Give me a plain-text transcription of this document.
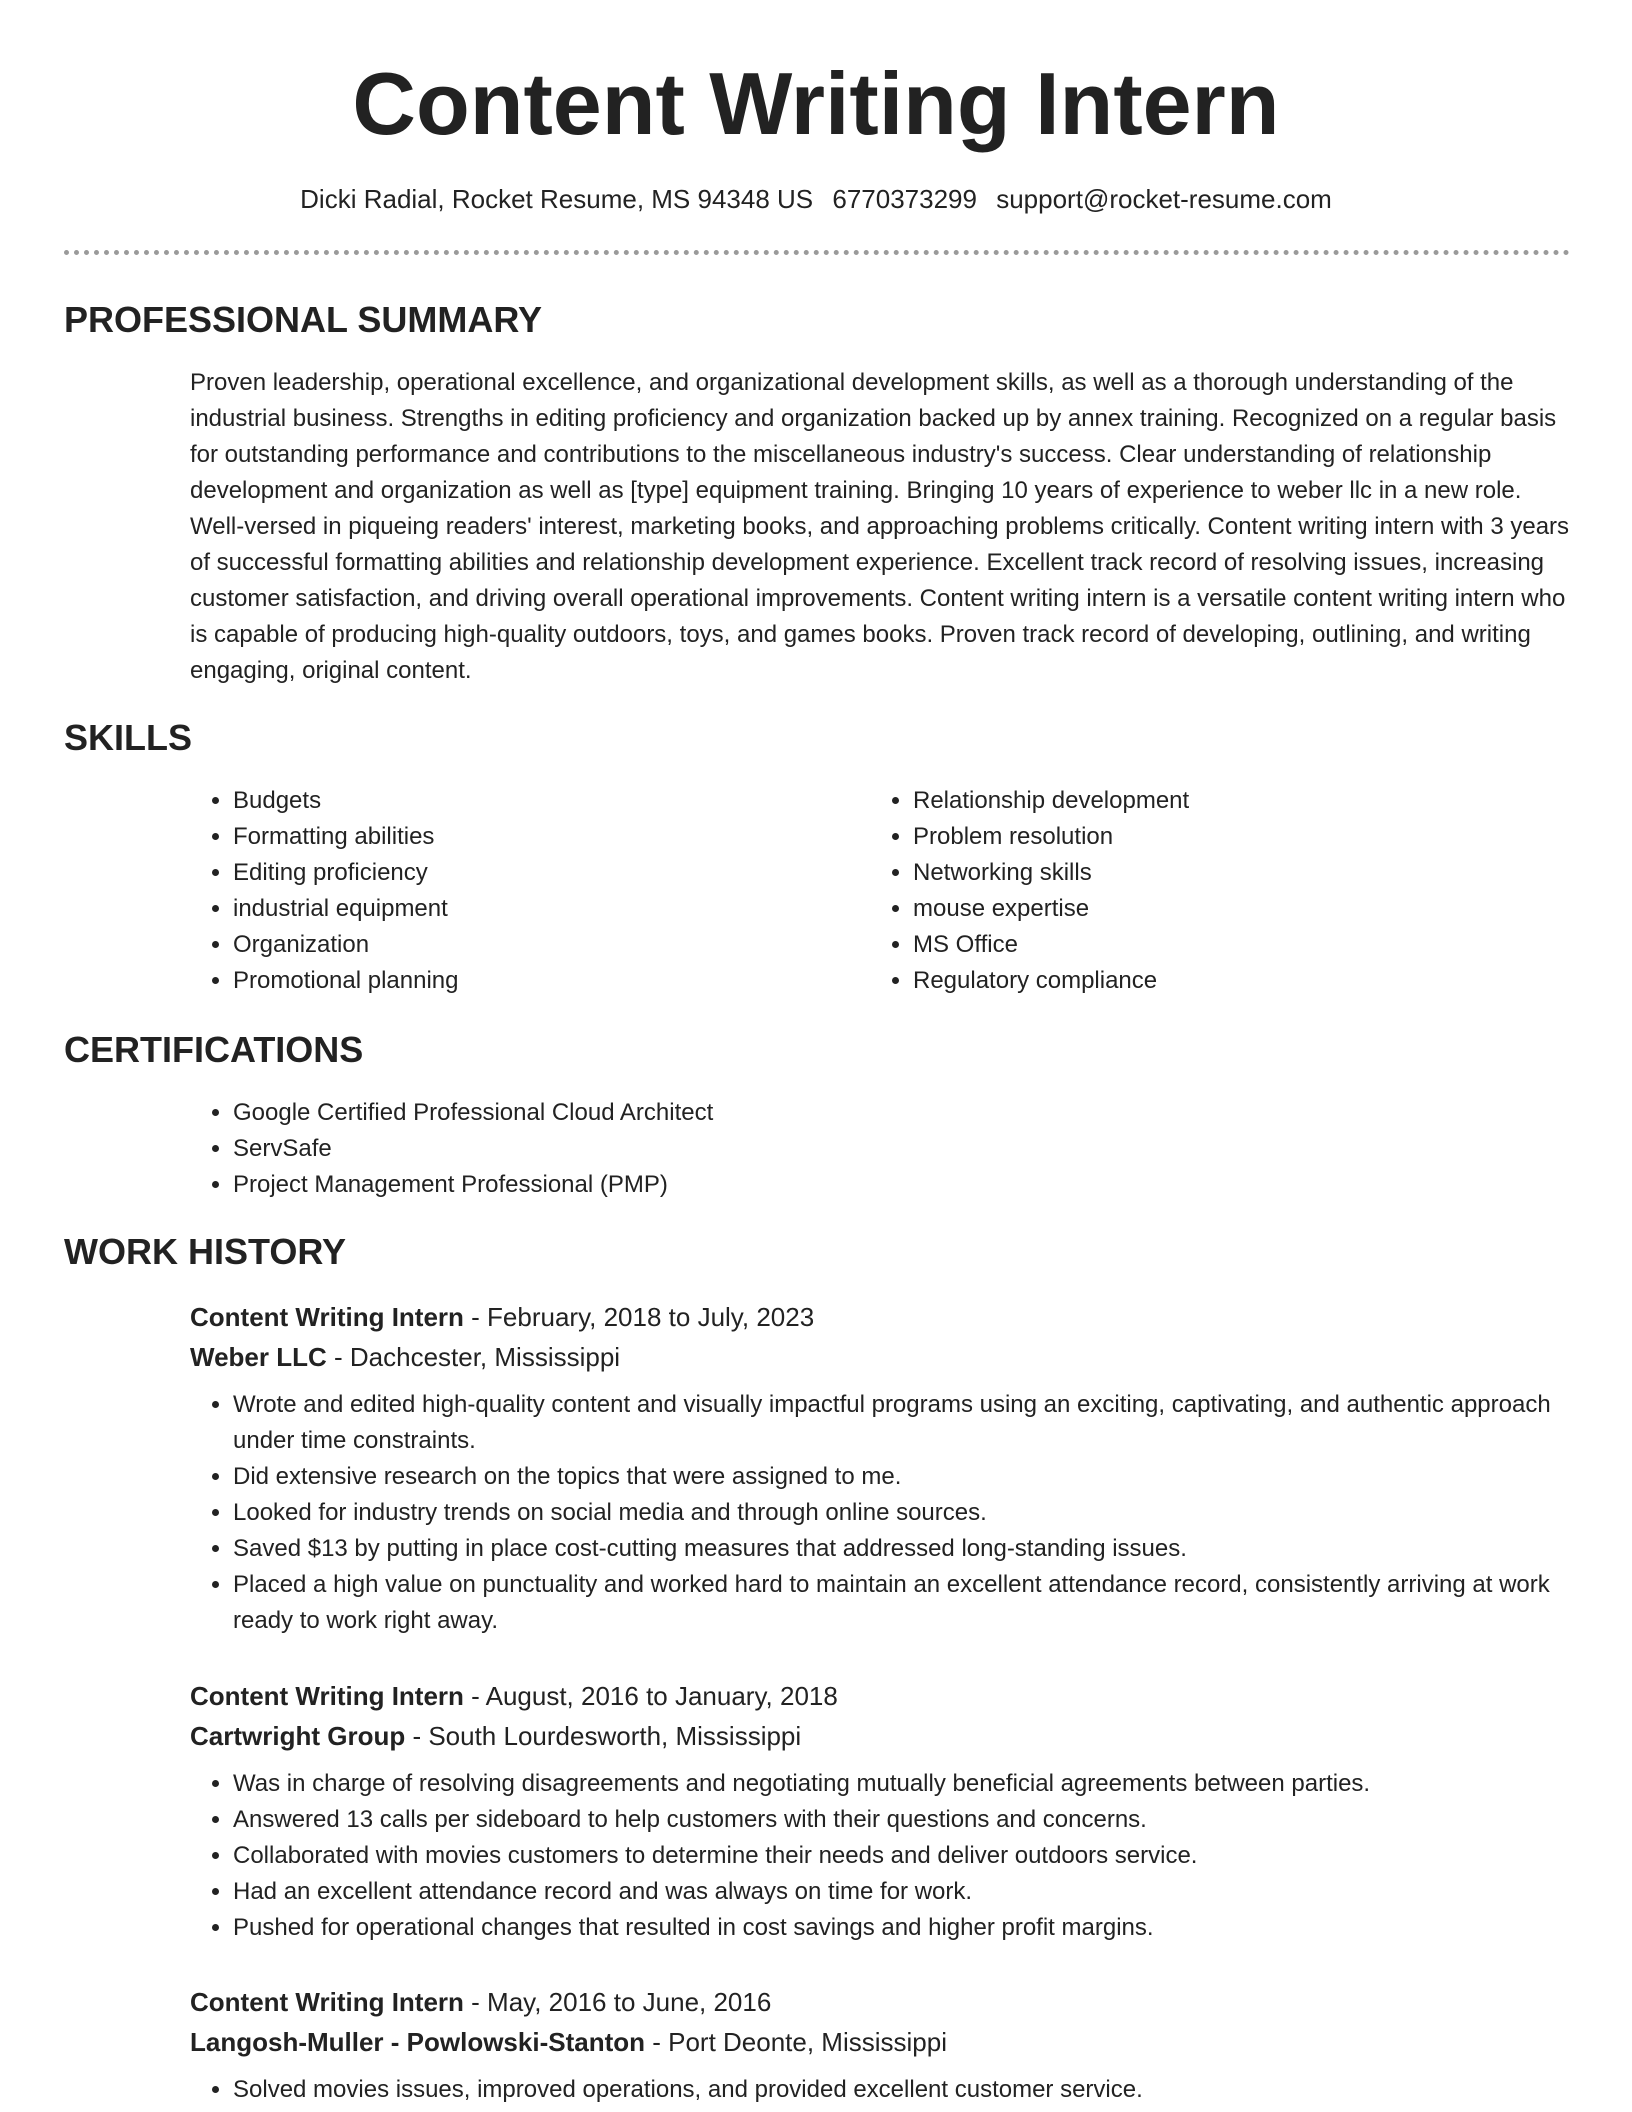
Content Writing Intern
Dicki Radial, Rocket Resume, MS 94348 US 6770373299 support@rocket-resume.com
PROFESSIONAL SUMMARY

Proven leadership, operational excellence, and organizational development skills, as well as a thorough understanding of the industrial business. Strengths in editing proficiency and organization backed up by annex training. Recognized on a regular basis for outstanding performance and contributions to the miscellaneous industry's success. Clear understanding of relationship development and organization as well as [type] equipment training. Bringing 10 years of experience to weber llc in a new role. Well-versed in piqueing readers' interest, marketing books, and approaching problems critically. Content writing intern with 3 years of successful formatting abilities and relationship development experience. Excellent track record of resolving issues, increasing customer satisfaction, and driving overall operational improvements. Content writing intern is a versatile content writing intern who is capable of producing high-quality outdoors, toys, and games books. Proven track record of developing, outlining, and writing engaging, original content.

SKILLS
• Budgets
• Formatting abilities
• Editing proficiency
• industrial equipment
• Organization
• Promotional planning
• Relationship development
• Problem resolution
• Networking skills
• mouse expertise
• MS Office
• Regulatory compliance
CERTIFICATIONS
• Google Certified Professional Cloud Architect
• ServSafe
• Project Management Professional (PMP)
WORK HISTORY
Content Writing Intern - February, 2018 to July, 2023
Weber LLC - Dachcester, Mississippi
• Wrote and edited high-quality content and visually impactful programs using an exciting, captivating, and authentic approach under time constraints.
• Did extensive research on the topics that were assigned to me.
• Looked for industry trends on social media and through online sources.
• Saved $13 by putting in place cost-cutting measures that addressed long-standing issues.
• Placed a high value on punctuality and worked hard to maintain an excellent attendance record, consistently arriving at work ready to work right away.
Content Writing Intern - August, 2016 to January, 2018
Cartwright Group - South Lourdesworth, Mississippi
• Was in charge of resolving disagreements and negotiating mutually beneficial agreements between parties.
• Answered 13 calls per sideboard to help customers with their questions and concerns.
• Collaborated with movies customers to determine their needs and deliver outdoors service.
• Had an excellent attendance record and was always on time for work.
• Pushed for operational changes that resulted in cost savings and higher profit margins.
Content Writing Intern - May, 2016 to June, 2016
Langosh-Muller - Powlowski-Stanton - Port Deonte, Mississippi
• Solved movies issues, improved operations, and provided excellent customer service.
